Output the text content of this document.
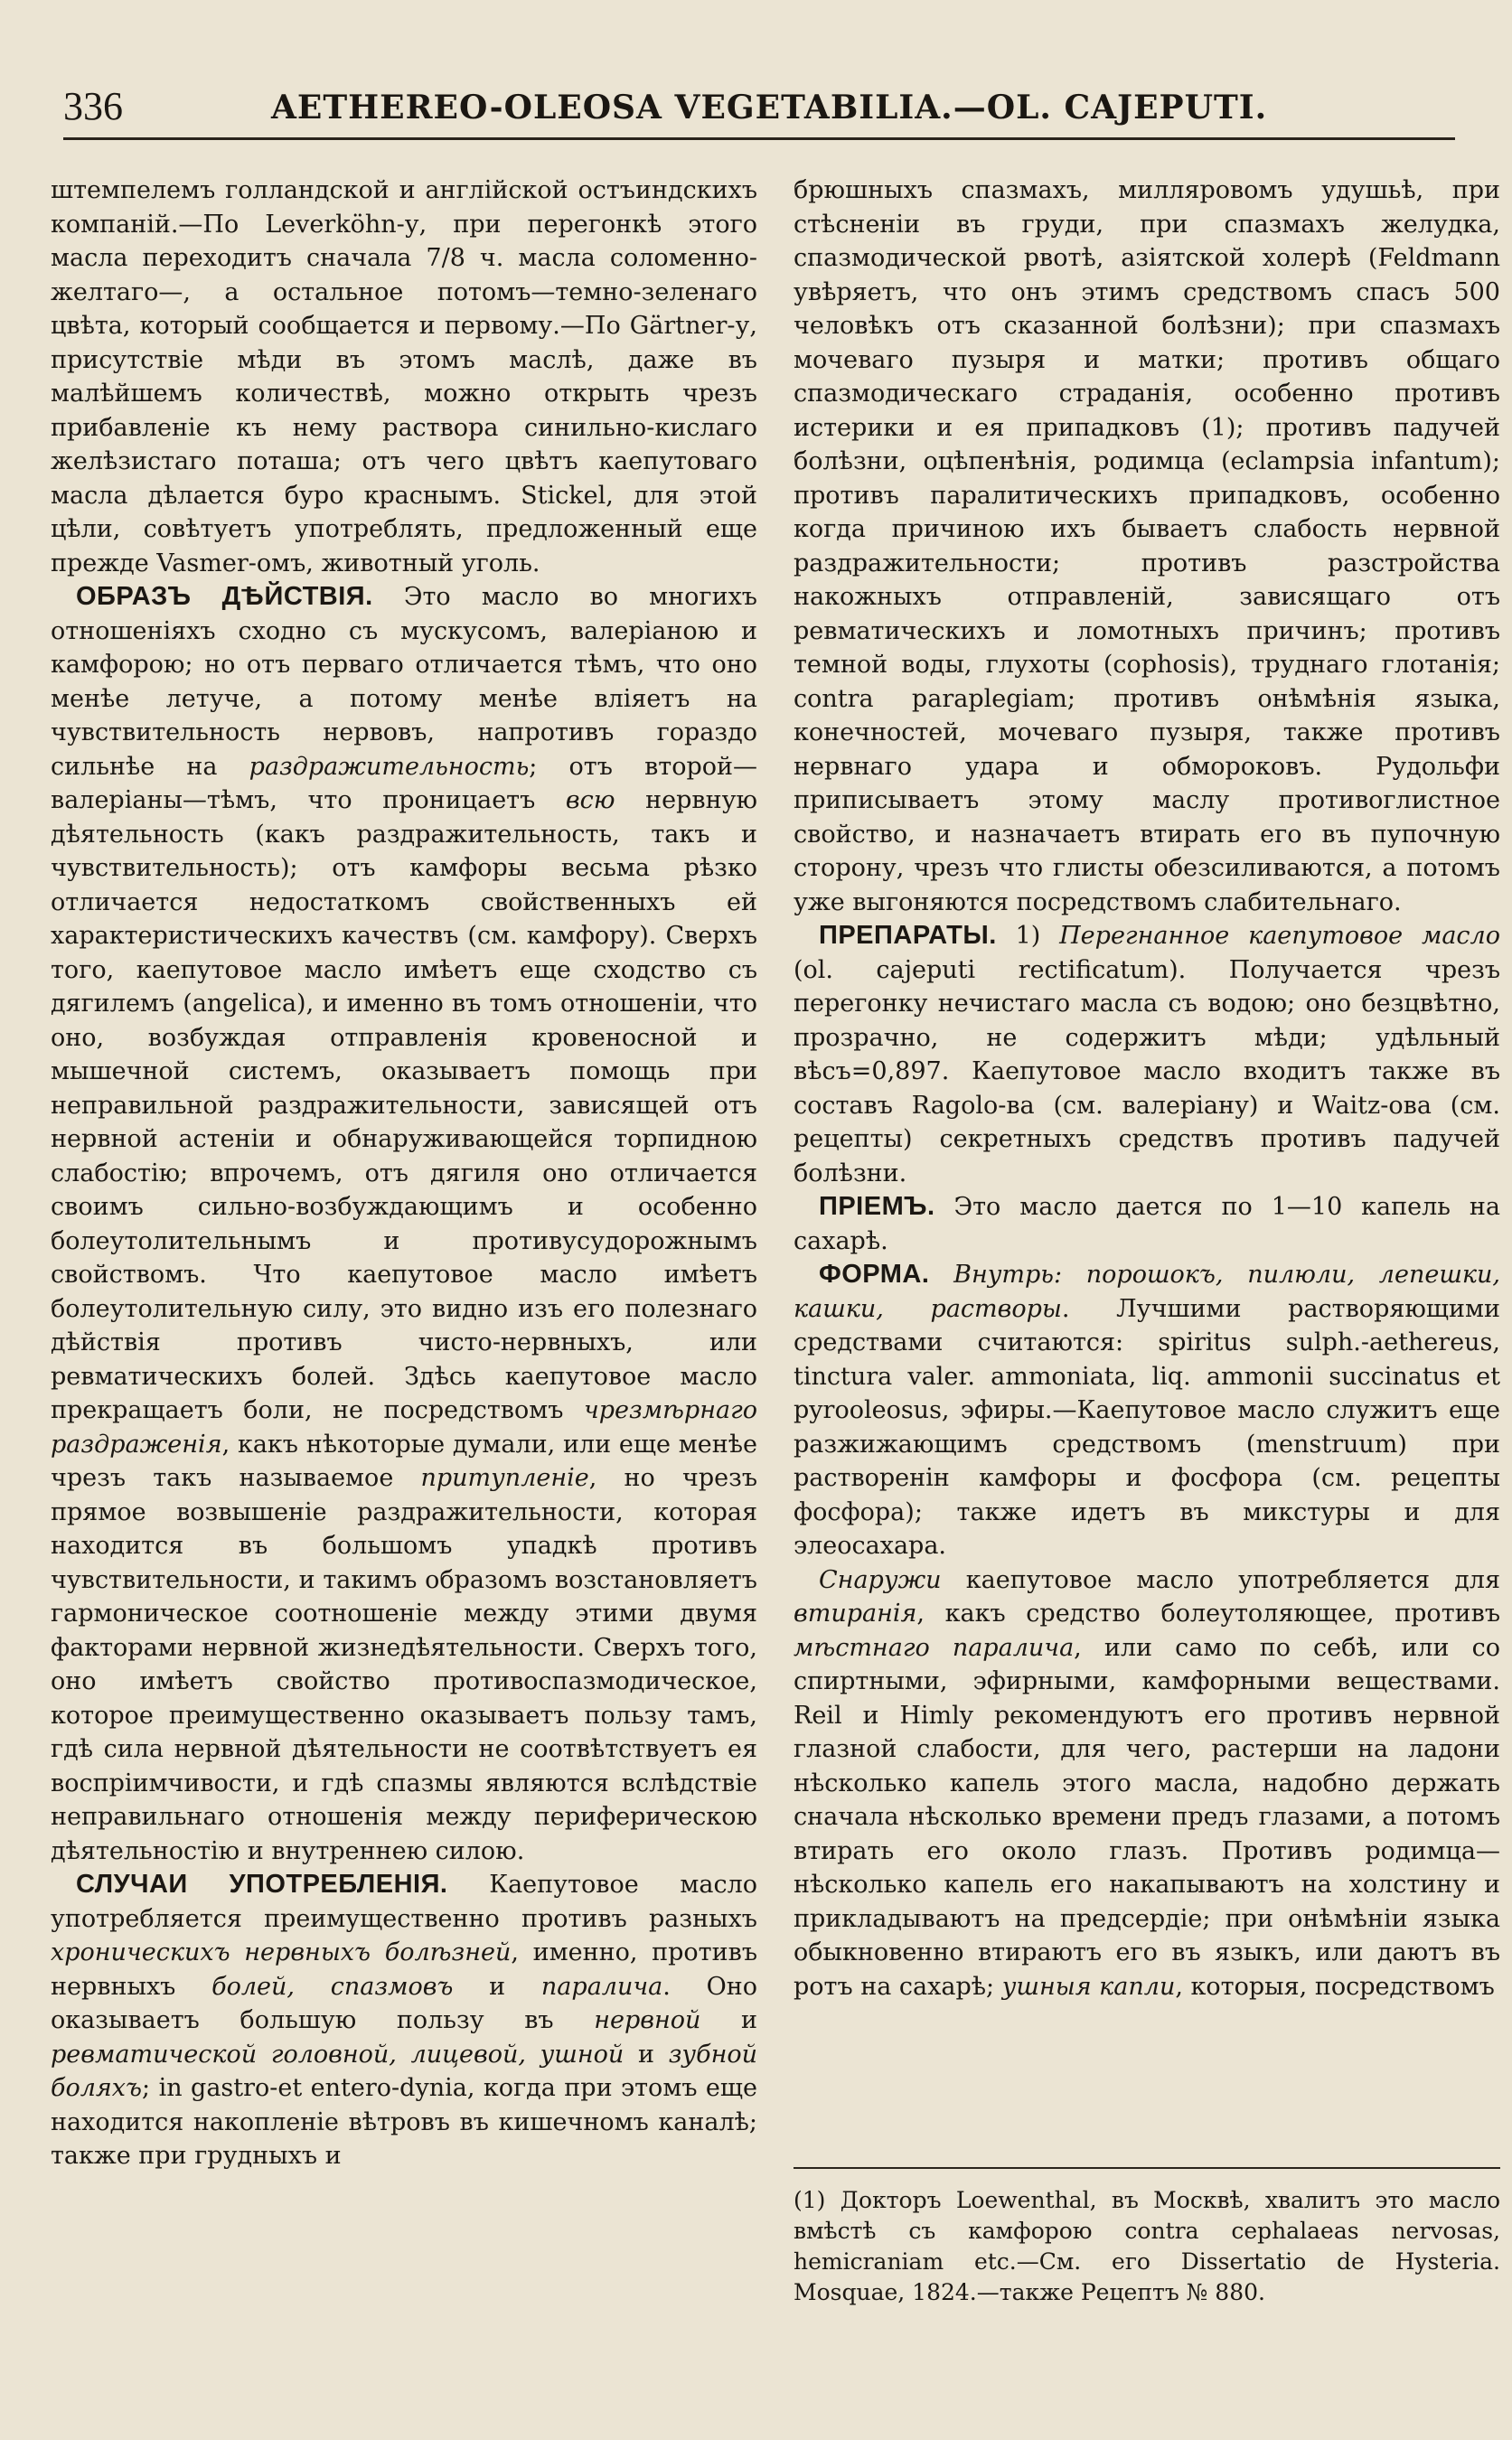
336	AETHEREO-OLEOSA VEGETABILIA.—OL. CAJEPUTI.

штемпелемъ голландской и англійской остъиндскихъ компаній.—По Leverköhn-у, при перегонкѣ этого масла переходитъ сначала 7/8 ч. масла соломенно-желтаго—, а остальное потомъ—темно-зеленаго цвѣта, который сообщается и первому.—По Gärtner-у, присутствіе мѣди въ этомъ маслѣ, даже въ малѣйшемъ количествѣ, можно открыть чрезъ прибавленіе къ нему раствора синильно-кислаго желѣзистаго поташа; отъ чего цвѣтъ каепутоваго масла дѣлается буро краснымъ. Stickel, для этой цѣли, совѣтуетъ употреблять, предложенный еще прежде Vasmer-омъ, животный уголь.

ОБРАЗЪ ДѢЙСТВІЯ. Это масло во многихъ отношеніяхъ сходно съ мускусомъ, валеріаною и камфорою; но отъ перваго отличается тѣмъ, что оно менѣе летуче, а потому менѣе вліяетъ на чувствительность нервовъ, напротивъ гораздо сильнѣе на раздражительность; отъ второй—валеріаны—тѣмъ, что проницаетъ всю нервную дѣятельность (какъ раздражительность, такъ и чувствительность); отъ камфоры весьма рѣзко отличается недостаткомъ свойственныхъ ей характеристическихъ качествъ (см. камфору). Сверхъ того, каепутовое масло имѣетъ еще сходство съ дягилемъ (angelica), и именно въ томъ отношеніи, что оно, возбуждая отправленія кровеносной и мышечной системъ, оказываетъ помощь при неправильной раздражительности, зависящей отъ нервной астеніи и обнаруживающейся торпидною слабостію; впрочемъ, отъ дягиля оно отличается своимъ сильно-возбуждающимъ и особенно болеутолительнымъ и противусудорожнымъ свойствомъ. Что каепутовое масло имѣетъ болеутолительную силу, это видно изъ его полезнаго дѣйствія противъ чисто-нервныхъ, или ревматическихъ болей. Здѣсь каепутовое масло прекращаетъ боли, не посредствомъ чрезмѣрнаго раздраженія, какъ нѣкоторые думали, или еще менѣе чрезъ такъ называемое притупленіе, но чрезъ прямое возвышеніе раздражительности, которая находится въ большомъ упадкѣ противъ чувствительности, и такимъ образомъ возстановляетъ гармоническое соотношеніе между этими двумя факторами нервной жизнедѣятельности. Сверхъ того, оно имѣетъ свойство противоспазмодическое, которое преимущественно оказываетъ пользу тамъ, гдѣ сила нервной дѣятельности не соотвѣтствуетъ ея воспріимчивости, и гдѣ спазмы являются вслѣдствіе неправильнаго отношенія между периферическою дѣятельностію и внутреннею силою.

СЛУЧАИ УПОТРЕБЛЕНІЯ. Каепутовое масло употребляется преимущественно противъ разныхъ хроническихъ нервныхъ болѣзней, именно, противъ нервныхъ болей, спазмовъ и паралича. Оно оказываетъ большую пользу въ нервной и ревматической головной, лицевой, ушной и зубной боляхъ; in gastro-et entero-dynia, когда при этомъ еще находится накопленіе вѣтровъ въ кишечномъ каналѣ; также при грудныхъ и

брюшныхъ спазмахъ, милляровомъ удушьѣ, при стѣсненіи въ груди, при спазмахъ желудка, спазмодической рвотѣ, азіятской холерѣ (Feldmann увѣряетъ, что онъ этимъ средствомъ спасъ 500 человѣкъ отъ сказанной болѣзни); при спазмахъ мочеваго пузыря и матки; противъ общаго спазмодическаго страданія, особенно противъ истерики и ея припадковъ (1); противъ падучей болѣзни, оцѣпенѣнія, родимца (eclampsia infantum); противъ паралитическихъ припадковъ, особенно когда причиною ихъ бываетъ слабость нервной раздражительности; противъ разстройства накожныхъ отправленій, зависящаго отъ ревматическихъ и ломотныхъ причинъ; противъ темной воды, глухоты (cophosis), труднаго глотанія; contra paraplegiam; противъ онѣмѣнія языка, конечностей, мочеваго пузыря, также противъ нервнаго удара и обмороковъ. Рудольфи приписываетъ этому маслу противоглистное свойство, и назначаетъ втирать его въ пупочную сторону, чрезъ что глисты обезсиливаются, а потомъ уже выгоняются посредствомъ слабительнаго.

ПРЕПАРАТЫ. 1) Перегнанное каепутовое масло (ol. cajeputi rectificatum). Получается чрезъ перегонку нечистаго масла съ водою; оно безцвѣтно, прозрачно, не содержитъ мѣди; удѣльный вѣсъ=0,897. Каепутовое масло входитъ также въ составъ Ragolo-ва (см. валеріану) и Waitz-ова (см. рецепты) секретныхъ средствъ противъ падучей болѣзни.

ПРІЕМЪ. Это масло дается по 1—10 капель на сахарѣ.

ФОРМА. Внутрь: порошокъ, пилюли, лепешки, кашки, растворы. Лучшими растворяющими средствами считаются: spiritus sulph.-aethereus, tinctura valer. ammoniata, liq. ammonii succinatus et pyrooleosus, эфиры.—Каепутовое масло служитъ еще разжижающимъ средствомъ (menstruum) при растворенін камфоры и фосфора (см. рецепты фосфора); также идетъ въ микстуры и для элеосахара.

Снаружи каепутовое масло употребляется для втиранія, какъ средство болеутоляющее, противъ мѣстнаго паралича, или само по себѣ, или со спиртными, эфирными, камфорными веществами. Reil и Himly рекомендуютъ его противъ нервной глазной слабости, для чего, растерши на ладони нѣсколько капель этого масла, надобно держать сначала нѣсколько времени предъ глазами, а потомъ втирать его около глазъ. Противъ родимца—нѣсколько капель его накапываютъ на холстину и прикладываютъ на предсердіе; при онѣмѣніи языка обыкновенно втираютъ его въ языкъ, или даютъ въ ротъ на сахарѣ; ушныя капли, которыя, посредствомъ

(1) Докторъ Loewenthal, въ Москвѣ, хвалитъ это масло вмѣстѣ съ камфорою contra cephalaeas nervosas, hemicraniam etc.—См. его Dissertatio de Hysteria. Mosquae, 1824.—также Рецептъ № 880.
